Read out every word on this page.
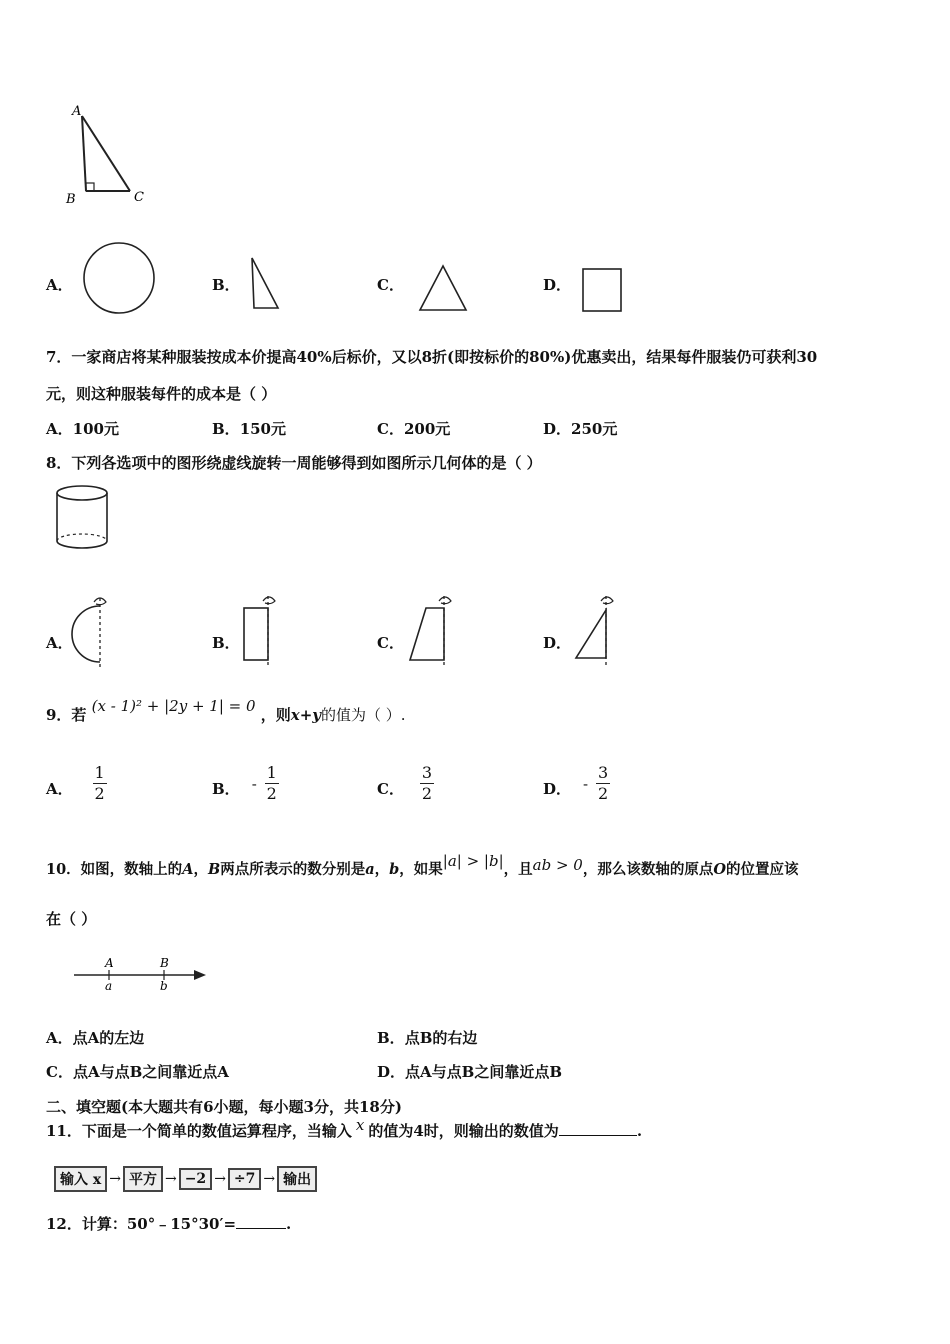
A
B	C
A．	B．	C．	D．
7．一家商店将某种服装按成本价提高40%后标价，又以8折(即按标价的80%)优惠卖出，结果每件服装仍可获利30
元，则这种服装每件的成本是（ ）
A．100元	B．150元	C．200元	D．250元
8．下列各选项中的图形绕虚线旋转一周能够得到如图所示几何体的是（ ）
A．	B．	C．	D．
9．若 (x - 1)² + |2y + 1| = 0 ，则x+y的值为（ ）.
A． $\frac{1}{2}$	B． - $\frac{1}{2}$	C． $\frac{3}{2}$	D． - $\frac{3}{2}$
10．如图，数轴上的A，B两点所表示的数分别是a，b，如果|a| > |b|，且ab > 0，那么该数轴的原点O的位置应该
在（ ）
A	B
a	b
A．点A的左边	B．点B的右边
C．点A与点B之间靠近点A	D．点A与点B之间靠近点B
二、填空题(本大题共有6小题，每小题3分，共18分)
11．下面是一个简单的数值运算程序，当输入 x 的值为4时，则输出的数值为	.
输入 x → 平方 → −2 → ÷7 → 输出
12．计算：50°﹣15°30′=	.
